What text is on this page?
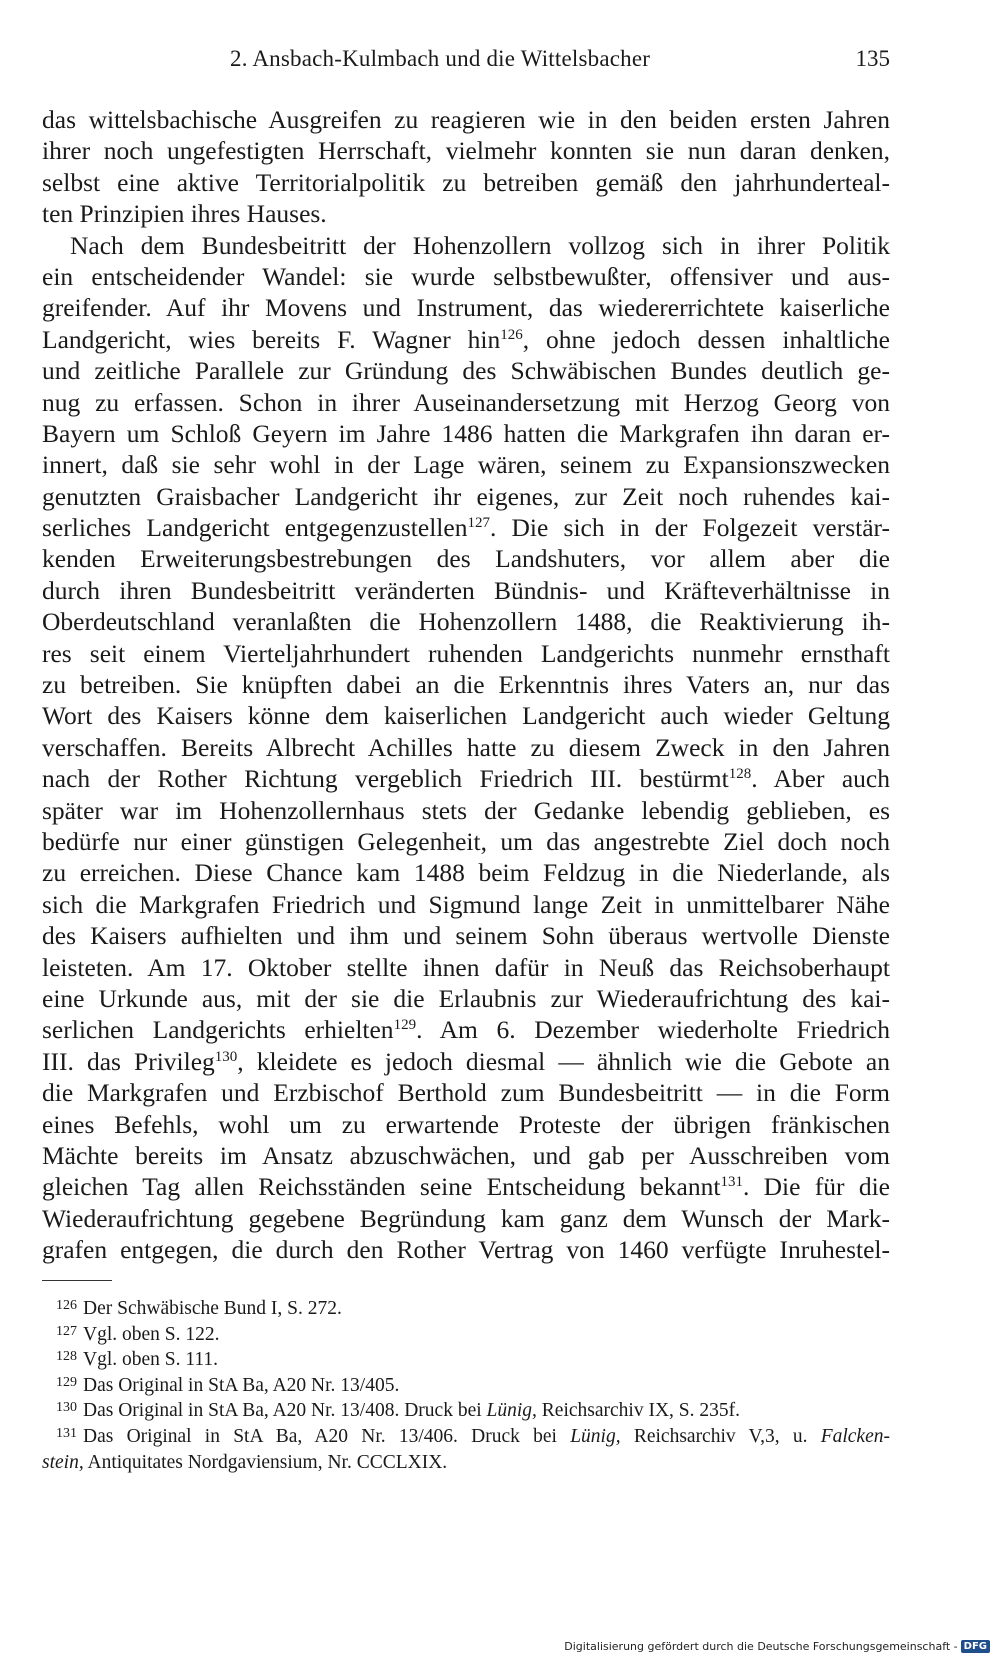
2. Ansbach-Kulmbach und die Wittelsbacher	135
das wittelsbachische Ausgreifen zu reagieren wie in den beiden ersten Jahren
ihrer noch ungefestigten Herrschaft, vielmehr konnten sie nun daran denken,
selbst eine aktive Territorialpolitik zu betreiben gemäß den jahrhundertеal-
ten Prinzipien ihres Hauses.
Nach dem Bundesbeitritt der Hohenzollern vollzog sich in ihrer Politik
ein entscheidender Wandel: sie wurde selbstbewußter, offensiver und aus-
greifender. Auf ihr Movens und Instrument, das wiedererrichtete kaiserliche
Landgericht, wies bereits F. Wagner hin$^{126}$, ohne jedoch dessen inhaltliche
und zeitliche Parallele zur Gründung des Schwäbischen Bundes deutlich ge-
nug zu erfassen. Schon in ihrer Auseinandersetzung mit Herzog Georg von
Bayern um Schloß Geyern im Jahre 1486 hatten die Markgrafen ihn daran er-
innert, daß sie sehr wohl in der Lage wären, seinem zu Expansionszwecken
genutzten Graisbacher Landgericht ihr eigenes, zur Zeit noch ruhendes kai-
serliches Landgericht entgegenzustellen$^{127}$. Die sich in der Folgezeit verstär-
kenden Erweiterungsbestrebungen des Landshuters, vor allem aber die
durch ihren Bundesbeitritt veränderten Bündnis- und Kräfteverhältnisse in
Oberdeutschland veranlaßten die Hohenzollern 1488, die Reaktivierung ih-
res seit einem Vierteljahrhundert ruhenden Landgerichts nunmehr ernsthaft
zu betreiben. Sie knüpften dabei an die Erkenntnis ihres Vaters an, nur das
Wort des Kaisers könne dem kaiserlichen Landgericht auch wieder Geltung
verschaffen. Bereits Albrecht Achilles hatte zu diesem Zweck in den Jahren
nach der Rother Richtung vergeblich Friedrich III. bestürmt$^{128}$. Aber auch
später war im Hohenzollernhaus stets der Gedanke lebendig geblieben, es
bedürfe nur einer günstigen Gelegenheit, um das angestrebte Ziel doch noch
zu erreichen. Diese Chance kam 1488 beim Feldzug in die Niederlande, als
sich die Markgrafen Friedrich und Sigmund lange Zeit in unmittelbarer Nähe
des Kaisers aufhielten und ihm und seinem Sohn überaus wertvolle Dienste
leisteten. Am 17. Oktober stellte ihnen dafür in Neuß das Reichsoberhaupt
eine Urkunde aus, mit der sie die Erlaubnis zur Wiederaufrichtung des kai-
serlichen Landgerichts erhielten$^{129}$. Am 6. Dezember wiederholte Friedrich
III. das Privileg$^{130}$, kleidete es jedoch diesmal — ähnlich wie die Gebote an
die Markgrafen und Erzbischof Berthold zum Bundesbeitritt — in die Form
eines Befehls, wohl um zu erwartende Proteste der übrigen fränkischen
Mächte bereits im Ansatz abzuschwächen, und gab per Ausschreiben vom
gleichen Tag allen Reichsständen seine Entscheidung bekannt$^{131}$. Die für die
Wiederaufrichtung gegebene Begründung kam ganz dem Wunsch der Mark-
grafen entgegen, die durch den Rother Vertrag von 1460 verfügte Inruhestel-
$^{126}$ Der Schwäbische Bund I, S. 272.
$^{127}$ Vgl. oben S. 122.
$^{128}$ Vgl. oben S. 111.
$^{129}$ Das Original in StA Ba, A20 Nr. 13/405.
$^{130}$ Das Original in StA Ba, A20 Nr. 13/408. Druck bei Lünig, Reichsarchiv IX, S. 235f.
$^{131}$ Das Original in StA Ba, A20 Nr. 13/406. Druck bei Lünig, Reichsarchiv V,3, u. Falcken-
stein, Antiquitates Nordgaviensium, Nr. CCCLXIX.
Digitalisierung gefördert durch die Deutsche Forschungsgemeinschaft - DFG
